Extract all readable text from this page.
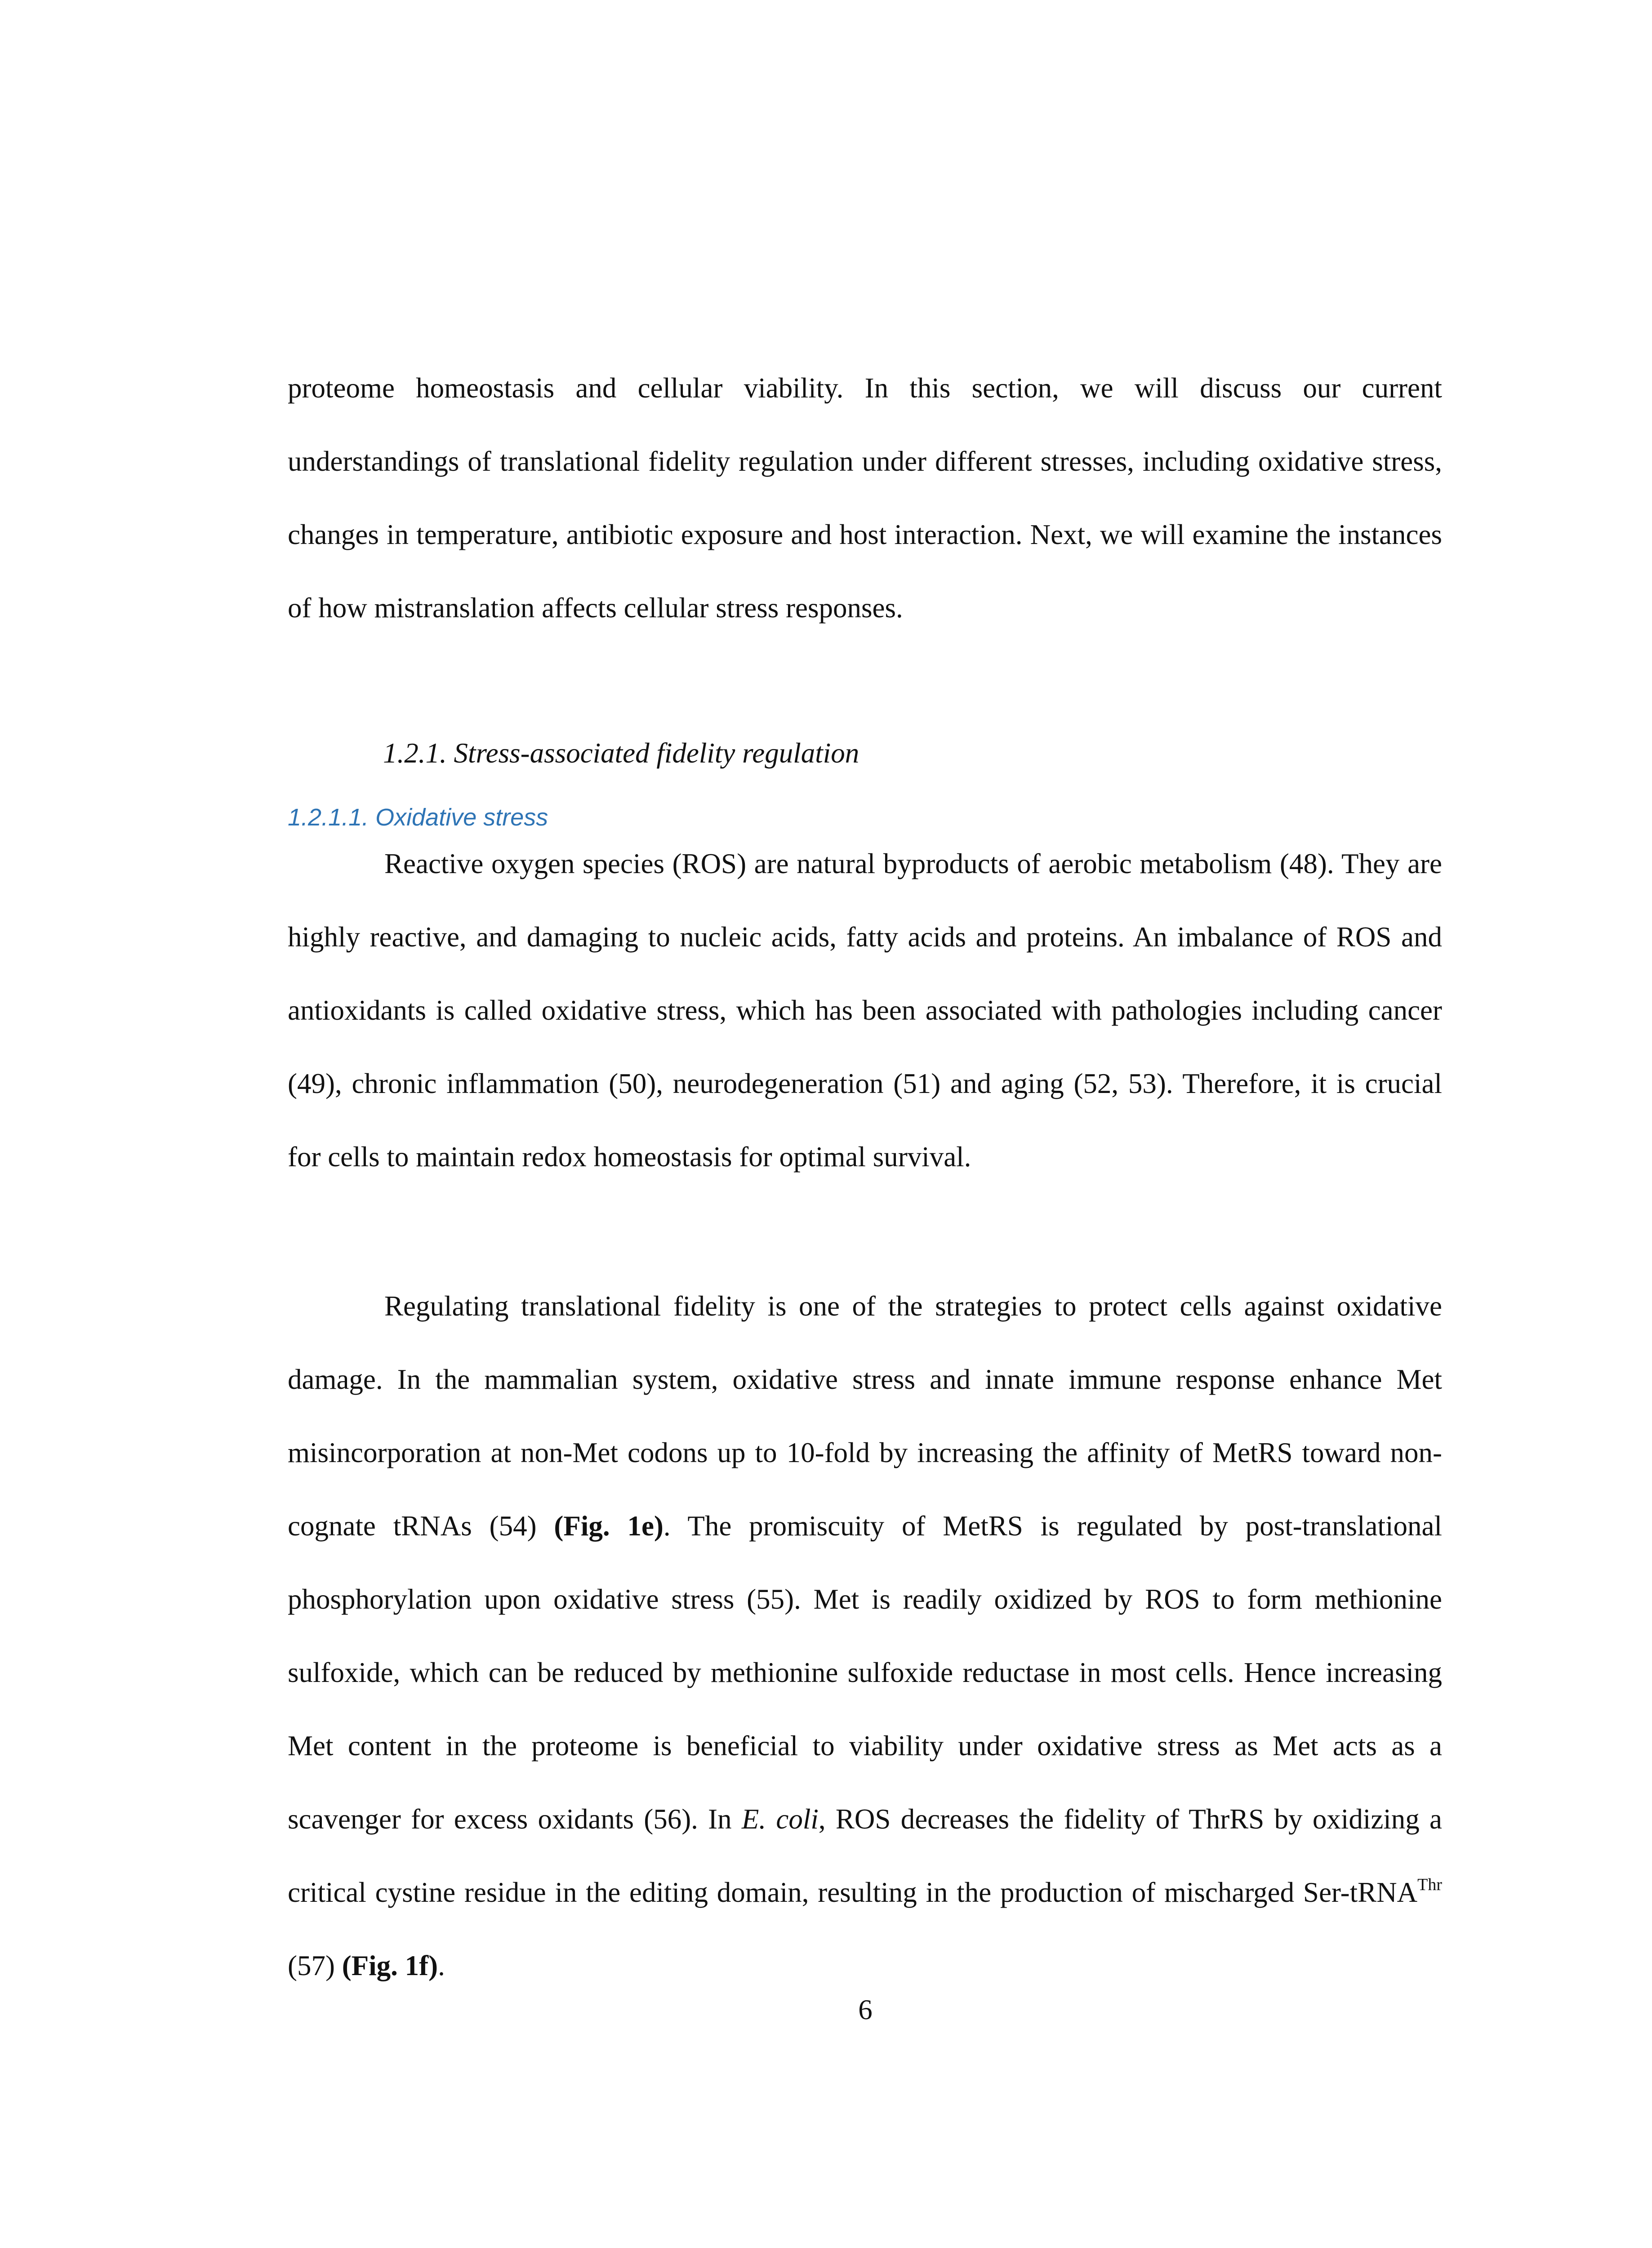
proteome homeostasis and cellular viability. In this section, we will discuss our current understandings of translational fidelity regulation under different stresses, including oxidative stress, changes in temperature, antibiotic exposure and host interaction. Next, we will examine the instances of how mistranslation affects cellular stress responses.

1.2.1. Stress-associated fidelity regulation
1.2.1.1. Oxidative stress

Reactive oxygen species (ROS) are natural byproducts of aerobic metabolism (48). They are highly reactive, and damaging to nucleic acids, fatty acids and proteins. An imbalance of ROS and antioxidants is called oxidative stress, which has been associated with pathologies including cancer (49), chronic inflammation (50), neurodegeneration (51) and aging (52, 53). Therefore, it is crucial for cells to maintain redox homeostasis for optimal survival.

Regulating translational fidelity is one of the strategies to protect cells against oxidative damage. In the mammalian system, oxidative stress and innate immune response enhance Met misincorporation at non-Met codons up to 10-fold by increasing the affinity of MetRS toward non-cognate tRNAs (54) (Fig. 1e). The promiscuity of MetRS is regulated by post-translational phosphorylation upon oxidative stress (55). Met is readily oxidized by ROS to form methionine sulfoxide, which can be reduced by methionine sulfoxide reductase in most cells. Hence increasing Met content in the proteome is beneficial to viability under oxidative stress as Met acts as a scavenger for excess oxidants (56). In E. coli, ROS decreases the fidelity of ThrRS by oxidizing a critical cystine residue in the editing domain, resulting in the production of mischarged Ser-tRNA$^{Thr}$ (57) (Fig. 1f).

6
